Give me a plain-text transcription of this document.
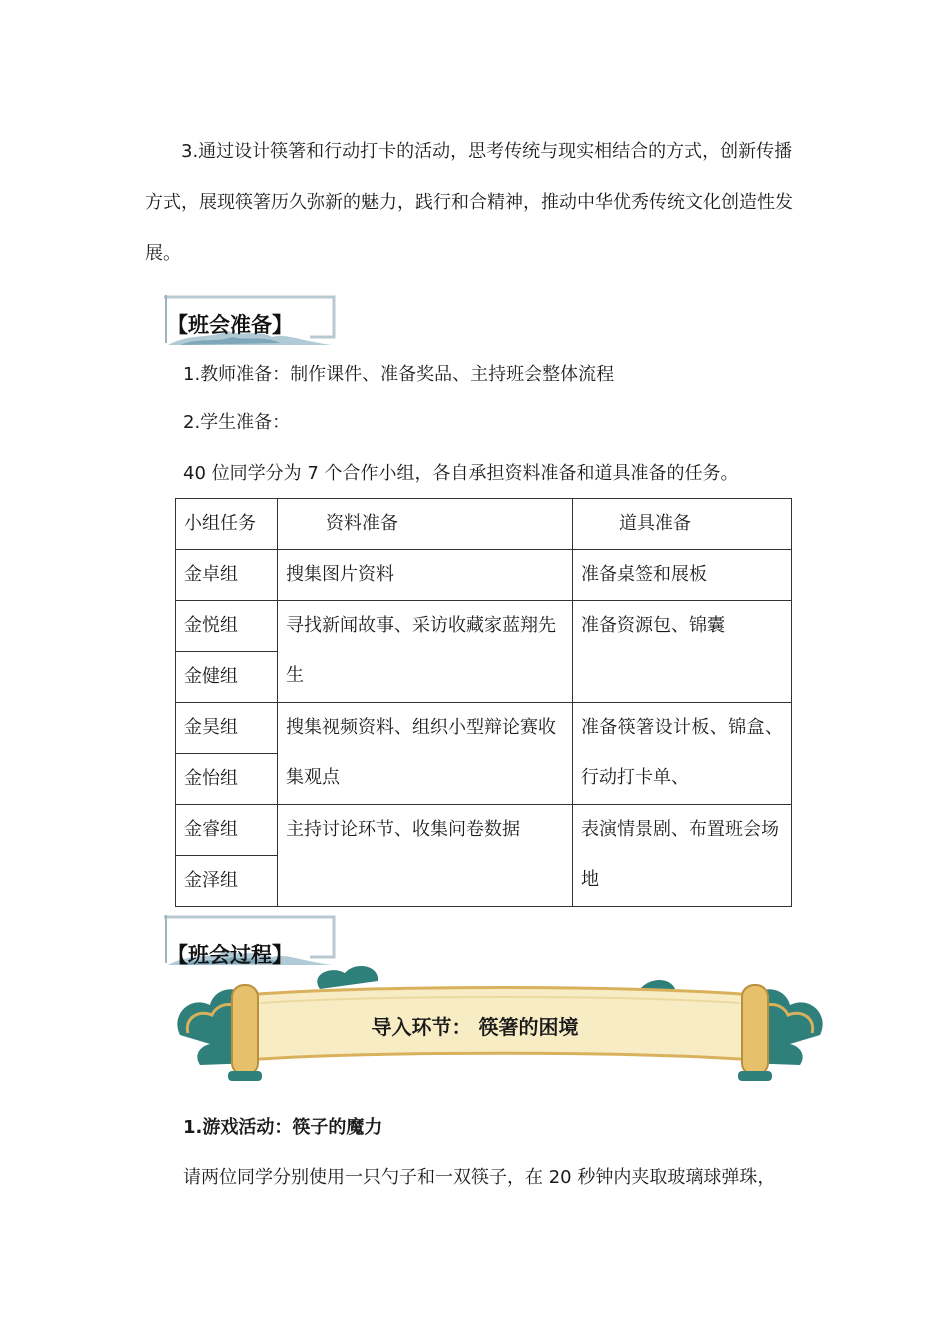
3.通过设计筷箸和行动打卡的活动，思考传统与现实相结合的方式，创新传播方式，展现筷箸历久弥新的魅力，践行和合精神，推动中华优秀传统文化创造性发展。
【班会准备】
1.教师准备：制作课件、准备奖品、主持班会整体流程
2.学生准备：
40 位同学分为 7 个合作小组，各自承担资料准备和道具准备的任务。
小组任务	资料准备	道具准备
金卓组	搜集图片资料	准备桌签和展板
金悦组	寻找新闻故事、采访收藏家蓝翔先生	准备资源包、锦囊
金健组		
金昊组	搜集视频资料、组织小型辩论赛收集观点	准备筷箸设计板、锦盒、行动打卡单、
金怡组		
金睿组	主持讨论环节、收集问卷数据	表演情景剧、布置班会场地
金泽组		
【班会过程】
导入环节： 筷箸的困境
1.游戏活动：筷子的魔力
请两位同学分别使用一只勺子和一双筷子，在 20 秒钟内夹取玻璃球弹珠，
